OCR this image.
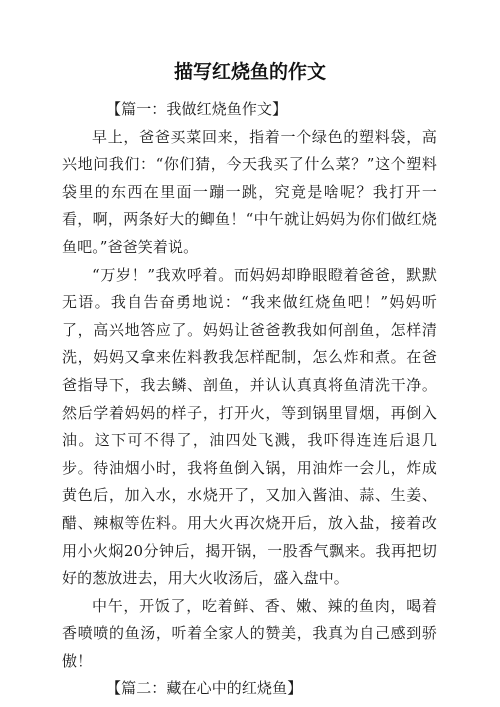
描写红烧鱼的作文

【篇一：我做红烧鱼作文】

早上，爸爸买菜回来，指着一个绿色的塑料袋，高兴地问我们：“你们猜，今天我买了什么菜？”这个塑料袋里的东西在里面一蹦一跳，究竟是啥呢？我打开一看，啊，两条好大的鲫鱼！“中午就让妈妈为你们做红烧鱼吧。”爸爸笑着说。

“万岁！”我欢呼着。而妈妈却睁眼瞪着爸爸，默默无语。我自告奋勇地说：“我来做红烧鱼吧！”妈妈听了，高兴地答应了。妈妈让爸爸教我如何剖鱼，怎样清洗，妈妈又拿来佐料教我怎样配制，怎么炸和煮。在爸爸指导下，我去鳞、剖鱼，并认认真真将鱼清洗干净。然后学着妈妈的样子，打开火，等到锅里冒烟，再倒入油。这下可不得了，油四处飞溅，我吓得连连后退几步。待油烟小时，我将鱼倒入锅，用油炸一会儿，炸成黄色后，加入水，水烧开了，又加入酱油、蒜、生姜、醋、辣椒等佐料。用大火再次烧开后，放入盐，接着改用小火焖20分钟后，揭开锅，一股香气飘来。我再把切好的葱放进去，用大火收汤后，盛入盘中。

中午，开饭了，吃着鲜、香、嫩、辣的鱼肉，喝着香喷喷的鱼汤，听着全家人的赞美，我真为自己感到骄傲！

【篇二：藏在心中的红烧鱼】
